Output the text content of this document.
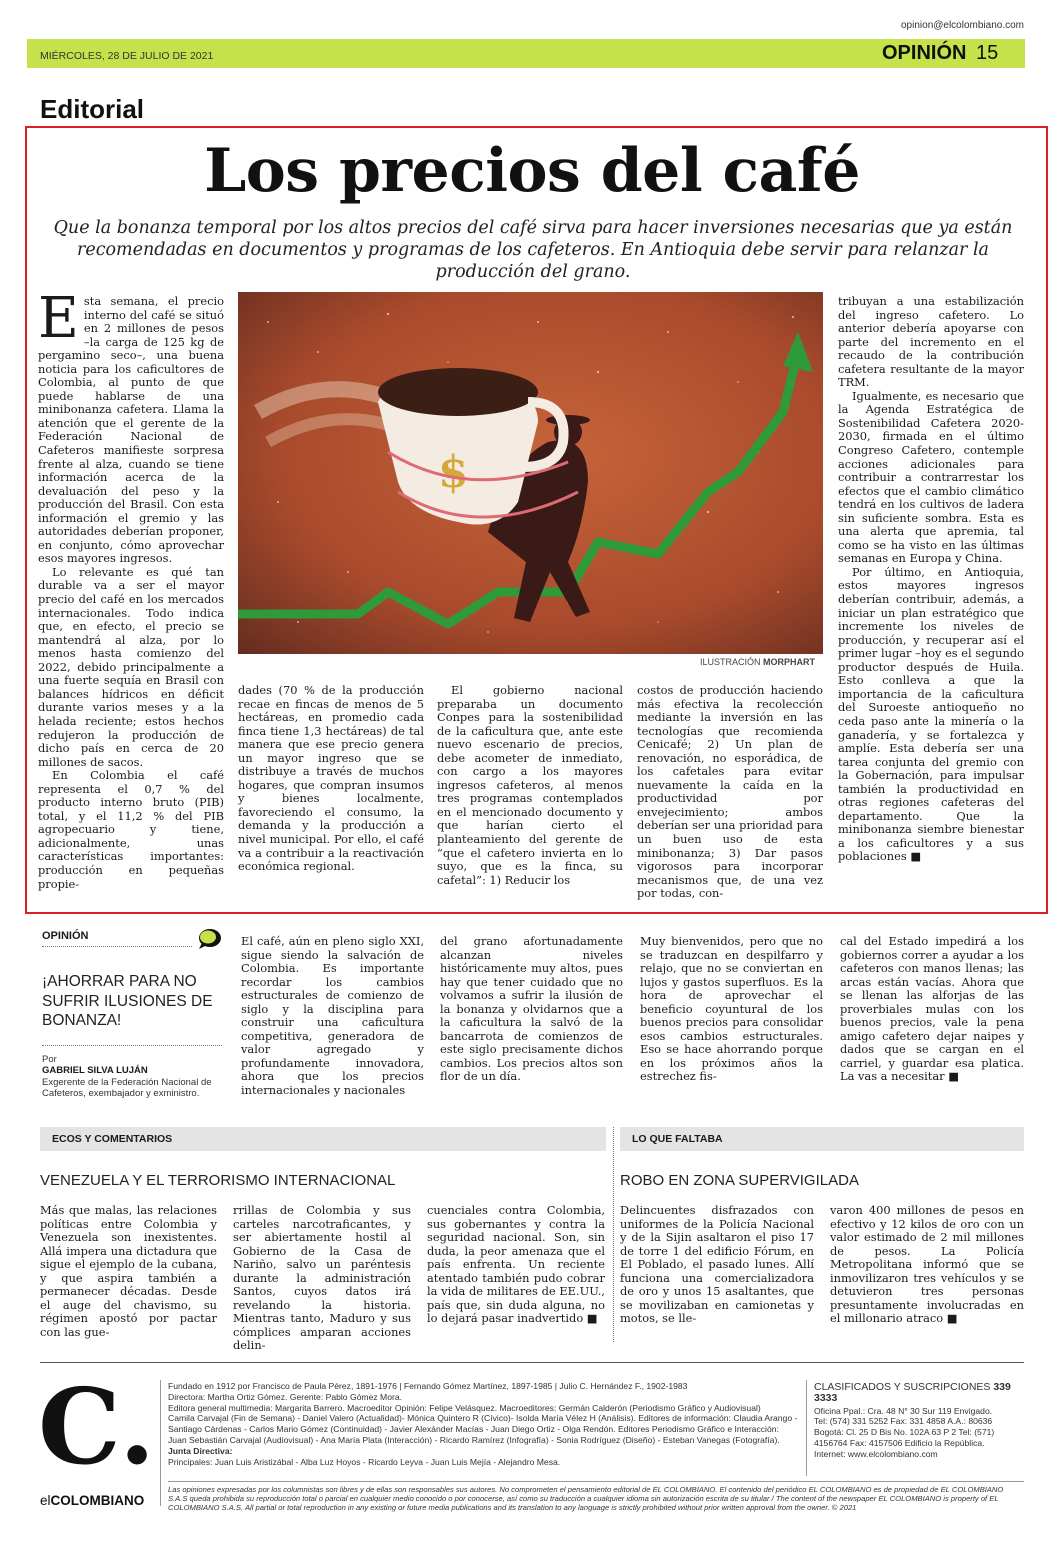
opinion@elcolombiano.com
MIÉRCOLES, 28 DE JULIO DE 2021	OPINIÓN 15
Editorial
Los precios del café
Que la bonanza temporal por los altos precios del café sirva para hacer inversiones necesarias que ya están recomendadas en documentos y programas de los cafeteros. En Antioquia debe servir para relanzar la producción del grano.
$
ILUSTRACIÓN MORPHART

Esta semana, el precio interno del café se situó en 2 millones de pesos –la carga de 125 kg de pergamino seco–, una buena noticia para los caficultores de Colombia, al punto de que puede hablarse de una minibonanza cafetera. Llama la atención que el gerente de la Federación Nacional de Cafeteros manifieste sorpresa frente al alza, cuando se tiene información acerca de la devaluación del peso y la producción del Brasil. Con esta información el gremio y las autoridades deberían proponer, en conjunto, cómo aprovechar esos mayores ingresos.

Lo relevante es qué tan durable va a ser el mayor precio del café en los mercados internacionales. Todo indica que, en efecto, el precio se mantendrá al alza, por lo menos hasta comienzo del 2022, debido principalmente a una fuerte sequía en Brasil con balances hídricos en déficit durante varios meses y a la helada reciente; estos hechos redujeron la producción de dicho país en cerca de 20 millones de sacos.

En Colombia el café representa el 0,7 % del producto interno bruto (PIB) total, y el 11,2 % del PIB agropecuario y tiene, adicionalmente, unas características importantes: producción en pequeñas propie-

dades (70 % de la producción recae en fincas de menos de 5 hectáreas, en promedio cada finca tiene 1,3 hectáreas) de tal manera que ese precio genera un mayor ingreso que se distribuye a través de muchos hogares, que compran insumos y bienes localmente, favoreciendo el consumo, la demanda y la producción a nivel municipal. Por ello, el café va a contribuir a la reactivación económica regional.

El gobierno nacional preparaba un documento Conpes para la sostenibilidad de la caficultura que, ante este nuevo escenario de precios, debe acometer de inmediato, con cargo a los mayores ingresos cafeteros, al menos tres programas contemplados en el mencionado documento y que harían cierto el planteamiento del gerente de “que el cafetero invierta en lo suyo, que es la finca, su cafetal”: 1) Reducir los

costos de producción haciendo más efectiva la recolección mediante la inversión en las tecnologías que recomienda Cenicafé; 2) Un plan de renovación, no esporádica, de los cafetales para evitar nuevamente la caída en la productividad por envejecimiento; ambos deberían ser una prioridad para un buen uso de esta minibonanza; 3) Dar pasos vigorosos para incorporar mecanismos que, de una vez por todas, con-

tribuyan a una estabilización del ingreso cafetero. Lo anterior debería apoyarse con parte del incremento en el recaudo de la contribución cafetera resultante de la mayor TRM.

Igualmente, es necesario que la Agenda Estratégica de Sostenibilidad Cafetera 2020-2030, firmada en el último Congreso Cafetero, contemple acciones adicionales para contribuir a contrarrestar los efectos que el cambio climático tendrá en los cultivos de ladera sin suficiente sombra. Esta es una alerta que apremia, tal como se ha visto en las últimas semanas en Europa y China.

Por último, en Antioquia, estos mayores ingresos deberían contribuir, además, a iniciar un plan estratégico que incremente los niveles de producción, y recuperar así el primer lugar –hoy es el segundo productor después de Huila. Esto conlleva a que la importancia de la caficultura del Suroeste antioqueño no ceda paso ante la minería o la ganadería, y se fortalezca y amplíe. Esta debería ser una tarea conjunta del gremio con la Gobernación, para impulsar también la productividad en otras regiones cafeteras del departamento. Que la minibonanza siembre bienestar a los caficultores y a sus poblaciones ■

OPINIÓN
¡AHORRAR PARA NO SUFRIR ILUSIONES DE BONANZA!
Por
GABRIEL SILVA LUJÁN
Exgerente de la Federación Nacional de Cafeteros, exembajador y exministro.
El café, aún en pleno siglo XXI, sigue siendo la salvación de Colombia. Es importante recordar los cambios estructurales de comienzo de siglo y la disciplina para construir una caficultura competitiva, generadora de valor agregado y profundamente innovadora, ahora que los precios internacionales y nacionales
del grano afortunadamente alcanzan niveles históricamente muy altos, pues hay que tener cuidado que no volvamos a sufrir la ilusión de la bonanza y olvidarnos que a la caficultura la salvó de la bancarrota de comienzos de este siglo precisamente dichos cambios. Los precios altos son flor de un día.
Muy bienvenidos, pero que no se traduzcan en despilfarro y relajo, que no se conviertan en lujos y gastos superfluos. Es la hora de aprovechar el beneficio coyuntural de los buenos precios para consolidar esos cambios estructurales. Eso se hace ahorrando porque en los próximos años la estrechez fis-
cal del Estado impedirá a los gobiernos correr a ayudar a los cafeteros con manos llenas; las arcas están vacías. Ahora que se llenan las alforjas de las proverbiales mulas con los buenos precios, vale la pena amigo cafetero dejar naipes y dados que se cargan en el carriel, y guardar esa platica. La vas a necesitar ■
ECOS Y COMENTARIOS	LO QUE FALTABA
VENEZUELA Y EL TERRORISMO INTERNACIONAL	ROBO EN ZONA SUPERVIGILADA
Más que malas, las relaciones políticas entre Colombia y Venezuela son inexistentes. Allá impera una dictadura que sigue el ejemplo de la cubana, y que aspira también a permanecer décadas. Desde el auge del chavismo, su régimen apostó por pactar con las gue-
rrillas de Colombia y sus carteles narcotraficantes, y ser abiertamente hostil al Gobierno de la Casa de Nariño, salvo un paréntesis durante la administración Santos, cuyos datos irá revelando la historia. Mientras tanto, Maduro y sus cómplices amparan acciones delin-
cuenciales contra Colombia, sus gobernantes y contra la seguridad nacional. Son, sin duda, la peor amenaza que el país enfrenta. Un reciente atentado también pudo cobrar la vida de militares de EE.UU., país que, sin duda alguna, no lo dejará pasar inadvertido ■
Delincuentes disfrazados con uniformes de la Policía Nacional y de la Sijin asaltaron el piso 17 de torre 1 del edificio Fórum, en El Poblado, el pasado lunes. Allí funciona una comercializadora de oro y unos 15 asaltantes, que se movilizaban en camionetas y motos, se lle-
varon 400 millones de pesos en efectivo y 12 kilos de oro con un valor estimado de 2 mil millones de pesos. La Policía Metropolitana informó que se inmovilizaron tres vehículos y se detuvieron tres personas presuntamente involucradas en el millonario atraco ■
C.
elCOLOMBIANO
Fundado en 1912 por Francisco de Paula Pérez, 1891-1976 | Fernando Gómez Martínez, 1897-1985 | Julio C. Hernández F., 1902-1983
Directora: Martha Ortiz Gómez. Gerente: Pablo Gómez Mora.
Editora general multimedia: Margarita Barrero. Macroeditor Opinión: Felipe Velásquez. Macroeditores: Germán Calderón (Periodismo Gráfico y Audiovisual)
Camila Carvajal (Fin de Semana) - Daniel Valero (Actualidad)- Mónica Quintero R (Cívico)- Isolda María Vélez H (Análisis). Editores de información: Claudia Arango -
Santiago Cárdenas - Carlos Mario Gómez (Continuidad) - Javier Alexánder Macías - Juan Diego Ortiz - Olga Rendón. Editores Periodismo Gráfico e Interacción:
Juan Sebastián Carvajal (Audiovisual) - Ana María Plata (Interacción) - Ricardo Ramírez (Infografía) - Sonia Rodríguez (Diseño) - Esteban Vanegas (Fotografía).
Junta Directiva:
Principales: Juan Luis Aristizábal - Alba Luz Hoyos - Ricardo Leyva - Juan Luis Mejía - Alejandro Mesa.
CLASIFICADOS Y SUSCRIPCIONES 339 3333
Oficina Ppal.: Cra. 48 N° 30 Sur 119 Envigado.
Tel: (574) 331 5252 Fax: 331 4858 A.A.: 80636
Bogotá: Cl. 25 D Bis No. 102A 63 P 2 Tel: (571)
4156764 Fax: 4157506 Edificio la República.
Internet: www.elcolombiano.com
Las opiniones expresadas por los columnistas son libres y de ellas son responsables sus autores. No comprometen el pensamiento editorial de EL COLOMBIANO. El contenido del periódico EL COLOMBIANO es de propiedad de EL COLOMBIANO S.A.S queda prohibida su reproducción total o parcial en cualquier medio conocido o por conocerse, así como su traducción a cualquier idioma sin autorización escrita de su titular / The content of the newspaper EL COLOMBIANO is property of EL COLOMBIANO S.A.S. All partial or total reproduction in any existing or future media publications and its translation to any language is strictly prohibited without prior written approval from the owner. © 2021
